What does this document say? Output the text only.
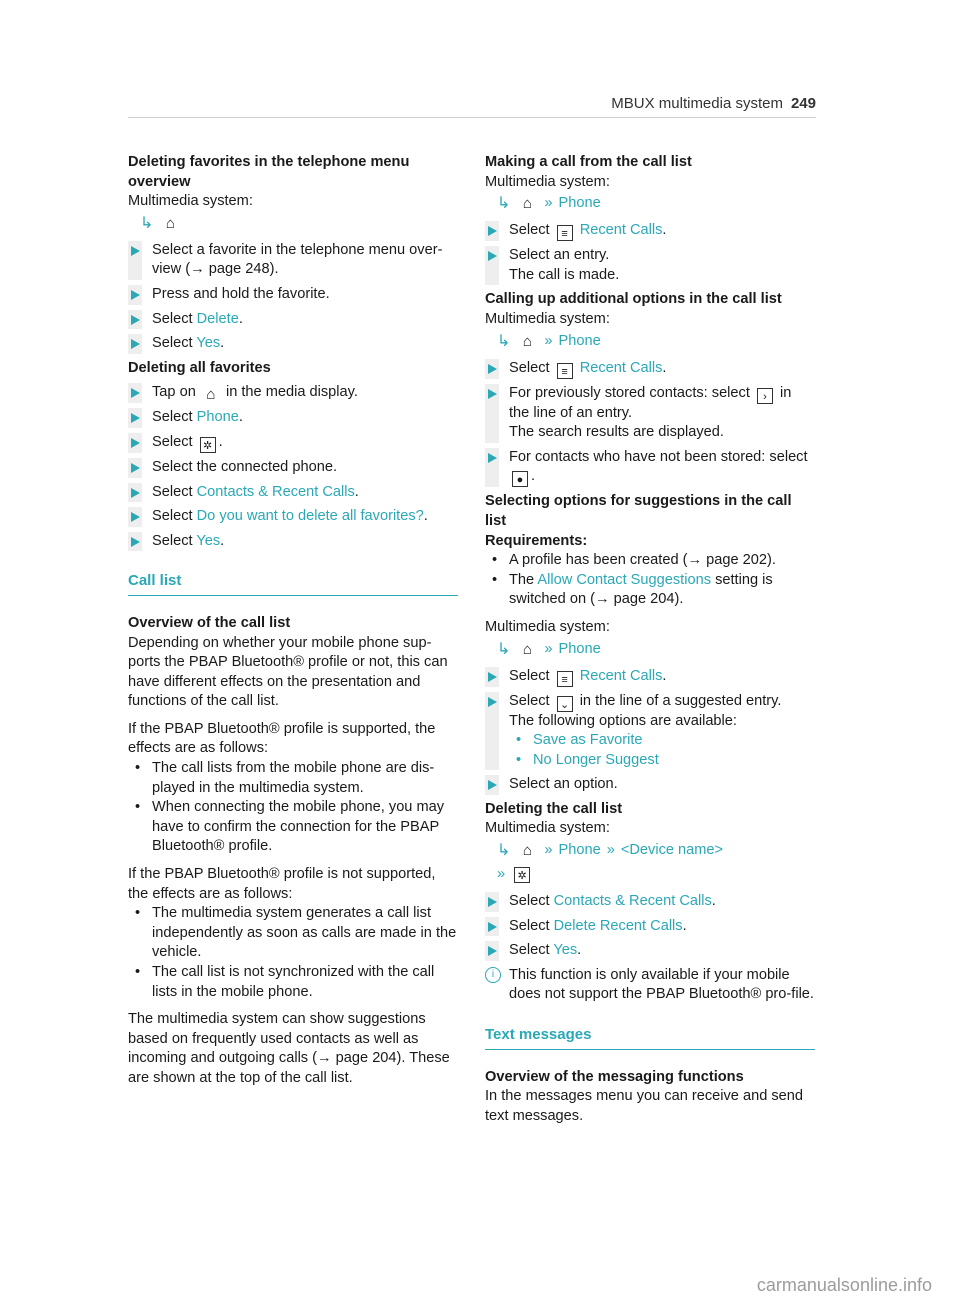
MBUX multimedia system 249

Deleting favorites in the telephone menu overview

Multimedia system:

↳ ⌂
Select a favorite in the telephone menu over-view (→ page 248).
Press and hold the favorite.
Select Delete.
Select Yes.

Deleting all favorites

Tap on ⌂ in the media display.
Select Phone.
Select ✲ .
Select the connected phone.
Select Contacts & Recent Calls.
Select Do you want to delete all favorites?.
Select Yes.
Call list

Overview of the call list

Depending on whether your mobile phone sup-ports the PBAP Bluetooth® profile or not, this can have different effects on the presentation and functions of the call list.

If the PBAP Bluetooth® profile is supported, the effects are as follows:

• The call lists from the mobile phone are dis-played in the multimedia system.
• When connecting the mobile phone, you may have to confirm the connection for the PBAP Bluetooth® profile.

If the PBAP Bluetooth® profile is not supported, the effects are as follows:

• The multimedia system generates a call list independently as soon as calls are made in the vehicle.
• The call list is not synchronized with the call lists in the mobile phone.

The multimedia system can show suggestions based on frequently used contacts as well as incoming and outgoing calls (→ page 204). These are shown at the top of the call list.

Making a call from the call list

Multimedia system:

↳ ⌂ » Phone
Select ≡ Recent Calls.
Select an entry.
The call is made.

Calling up additional options in the call list

Multimedia system:

↳ ⌂ » Phone
Select ≡ Recent Calls.
For previously stored contacts: select › in the line of an entry.
The search results are displayed.
For contacts who have not been stored: select ● .

Selecting options for suggestions in the call list

Requirements:

• A profile has been created (→ page 202).
• The Allow Contact Suggestions setting is switched on (→ page 204).

Multimedia system:

↳ ⌂ » Phone
Select ≡ Recent Calls.
Select ⌄ in the line of a suggested entry.
The following options are available:
• Save as Favorite
• No Longer Suggest
Select an option.

Deleting the call list

Multimedia system:

↳ ⌂ » Phone » <Device name>
»	✲
Select Contacts & Recent Calls.
Select Delete Recent Calls.
Select Yes.
i	This function is only available if your mobile does not support the PBAP Bluetooth® pro-file.
Text messages

Overview of the messaging functions

In the messages menu you can receive and send text messages.

carmanualsonline.info
